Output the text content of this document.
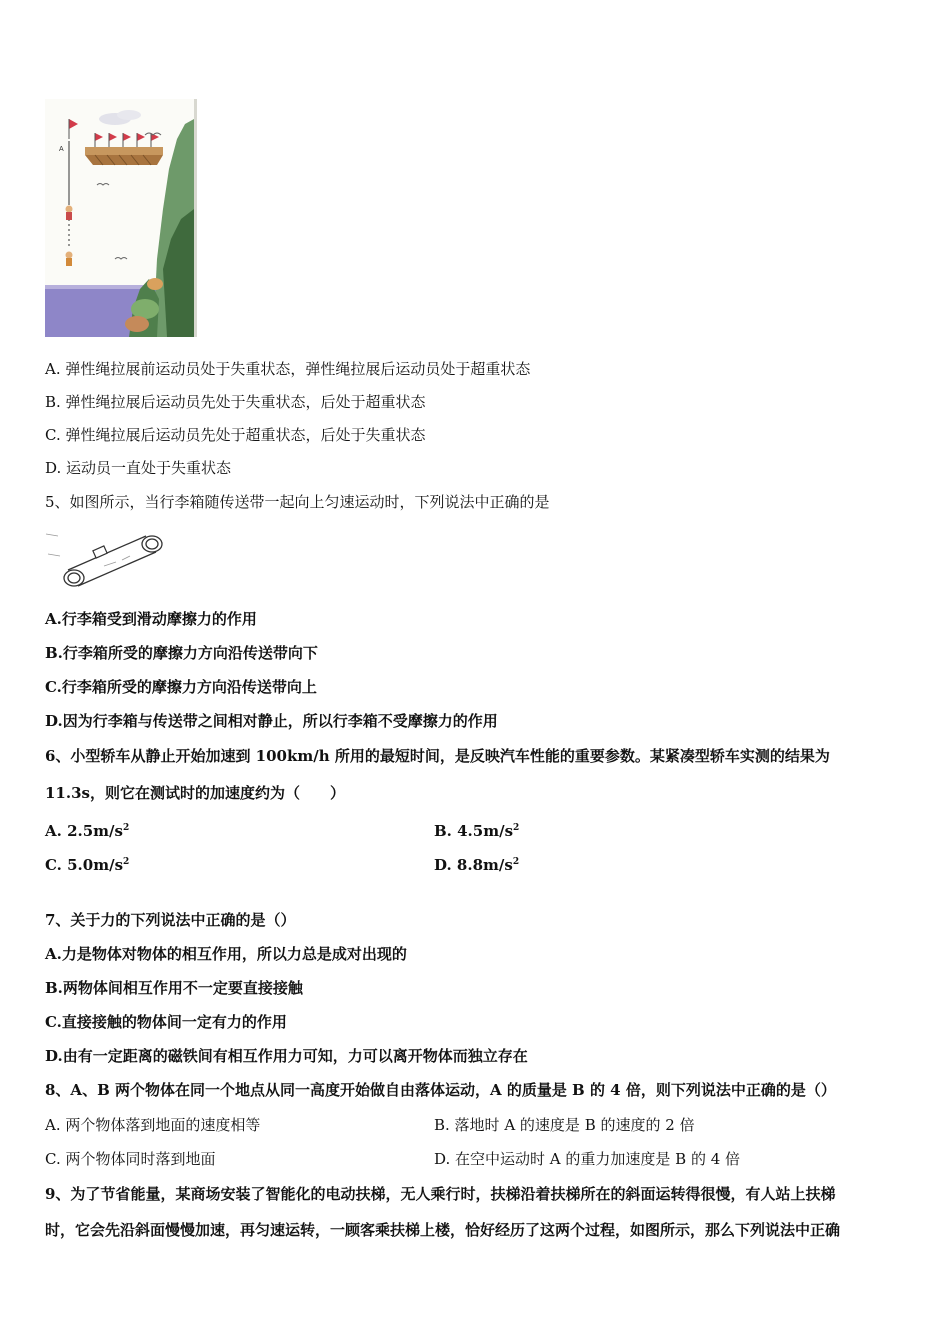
A
A. 弹性绳拉展前运动员处于失重状态，弹性绳拉展后运动员处于超重状态
B. 弹性绳拉展后运动员先处于失重状态，后处于超重状态
C. 弹性绳拉展后运动员先处于超重状态，后处于失重状态
D. 运动员一直处于失重状态
5、如图所示，当行李箱随传送带一起向上匀速运动时，下列说法中正确的是
A.行李箱受到滑动摩擦力的作用
B.行李箱所受的摩擦力方向沿传送带向下
C.行李箱所受的摩擦力方向沿传送带向上
D.因为行李箱与传送带之间相对静止，所以行李箱不受摩擦力的作用
6、小型轿车从静止开始加速到 100km/h 所用的最短时间，是反映汽车性能的重要参数。某紧凑型轿车实测的结果为
11.3s，则它在测试时的加速度约为（　　）
A. $2.5m/s^2$	B. $4.5m/s^2$
C. $5.0m/s^2$	D. $8.8m/s^2$
7、关于力的下列说法中正确的是（）
A.力是物体对物体的相互作用，所以力总是成对出现的
B.两物体间相互作用不一定要直接接触
C.直接接触的物体间一定有力的作用
D.由有一定距离的磁铁间有相互作用力可知，力可以离开物体而独立存在
8、A、B 两个物体在同一个地点从同一高度开始做自由落体运动，A 的质量是 B 的 4 倍，则下列说法中正确的是（）
A. 两个物体落到地面的速度相等	B. 落地时 A 的速度是 B 的速度的 2 倍
C. 两个物体同时落到地面	D. 在空中运动时 A 的重力加速度是 B 的 4 倍
9、为了节省能量，某商场安装了智能化的电动扶梯，无人乘行时，扶梯沿着扶梯所在的斜面运转得很慢，有人站上扶梯
时，它会先沿斜面慢慢加速，再匀速运转，一顾客乘扶梯上楼，恰好经历了这两个过程，如图所示，那么下列说法中正确
